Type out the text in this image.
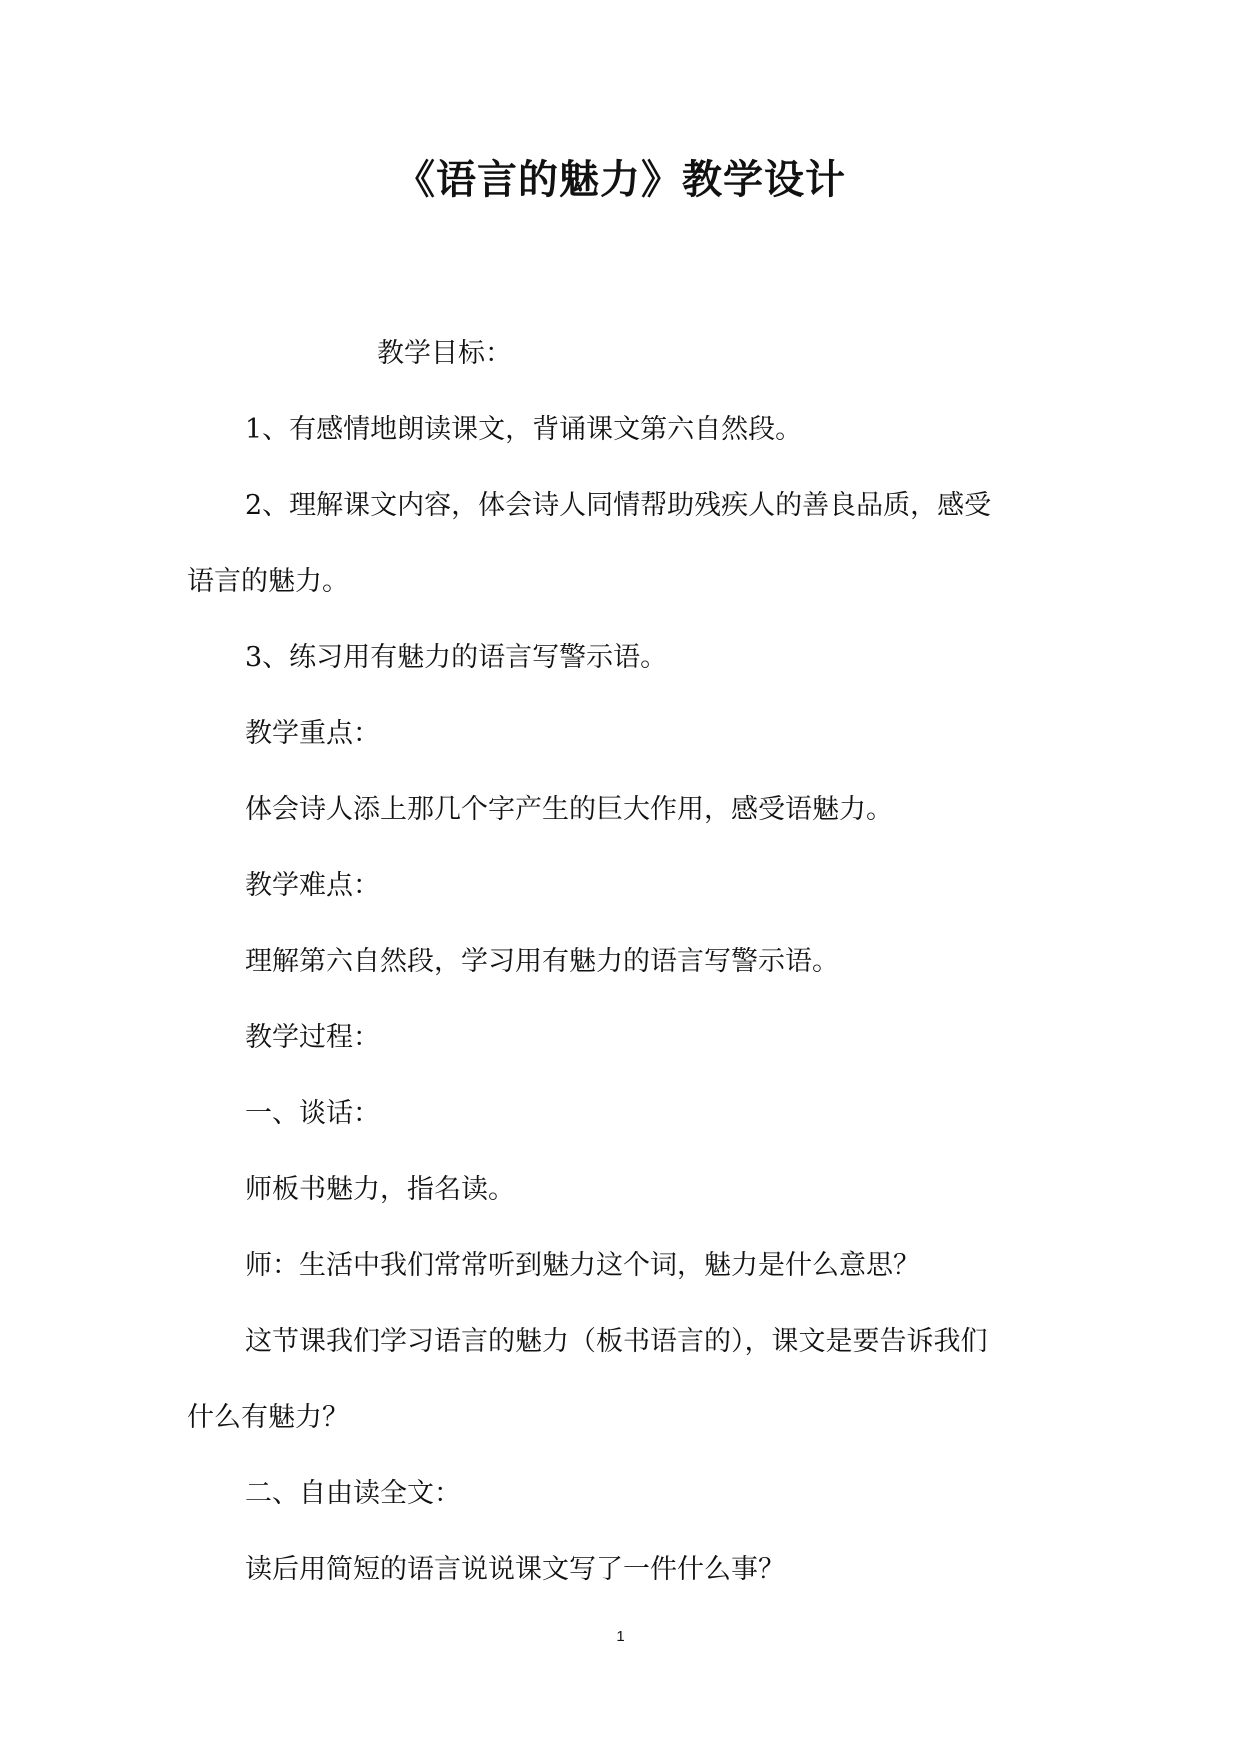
《语言的魅力》教学设计

教学目标：

1、有感情地朗读课文，背诵课文第六自然段。

2、理解课文内容，体会诗人同情帮助残疾人的善良品质，感受

语言的魅力。

3、练习用有魅力的语言写警示语。

教学重点：

体会诗人添上那几个字产生的巨大作用，感受语魅力。

教学难点：

理解第六自然段，学习用有魅力的语言写警示语。

教学过程：

一、谈话：

师板书魅力，指名读。

师：生活中我们常常听到魅力这个词，魅力是什么意思？

这节课我们学习语言的魅力（板书语言的），课文是要告诉我们

什么有魅力？

二、自由读全文：

读后用简短的语言说说课文写了一件什么事？

1
